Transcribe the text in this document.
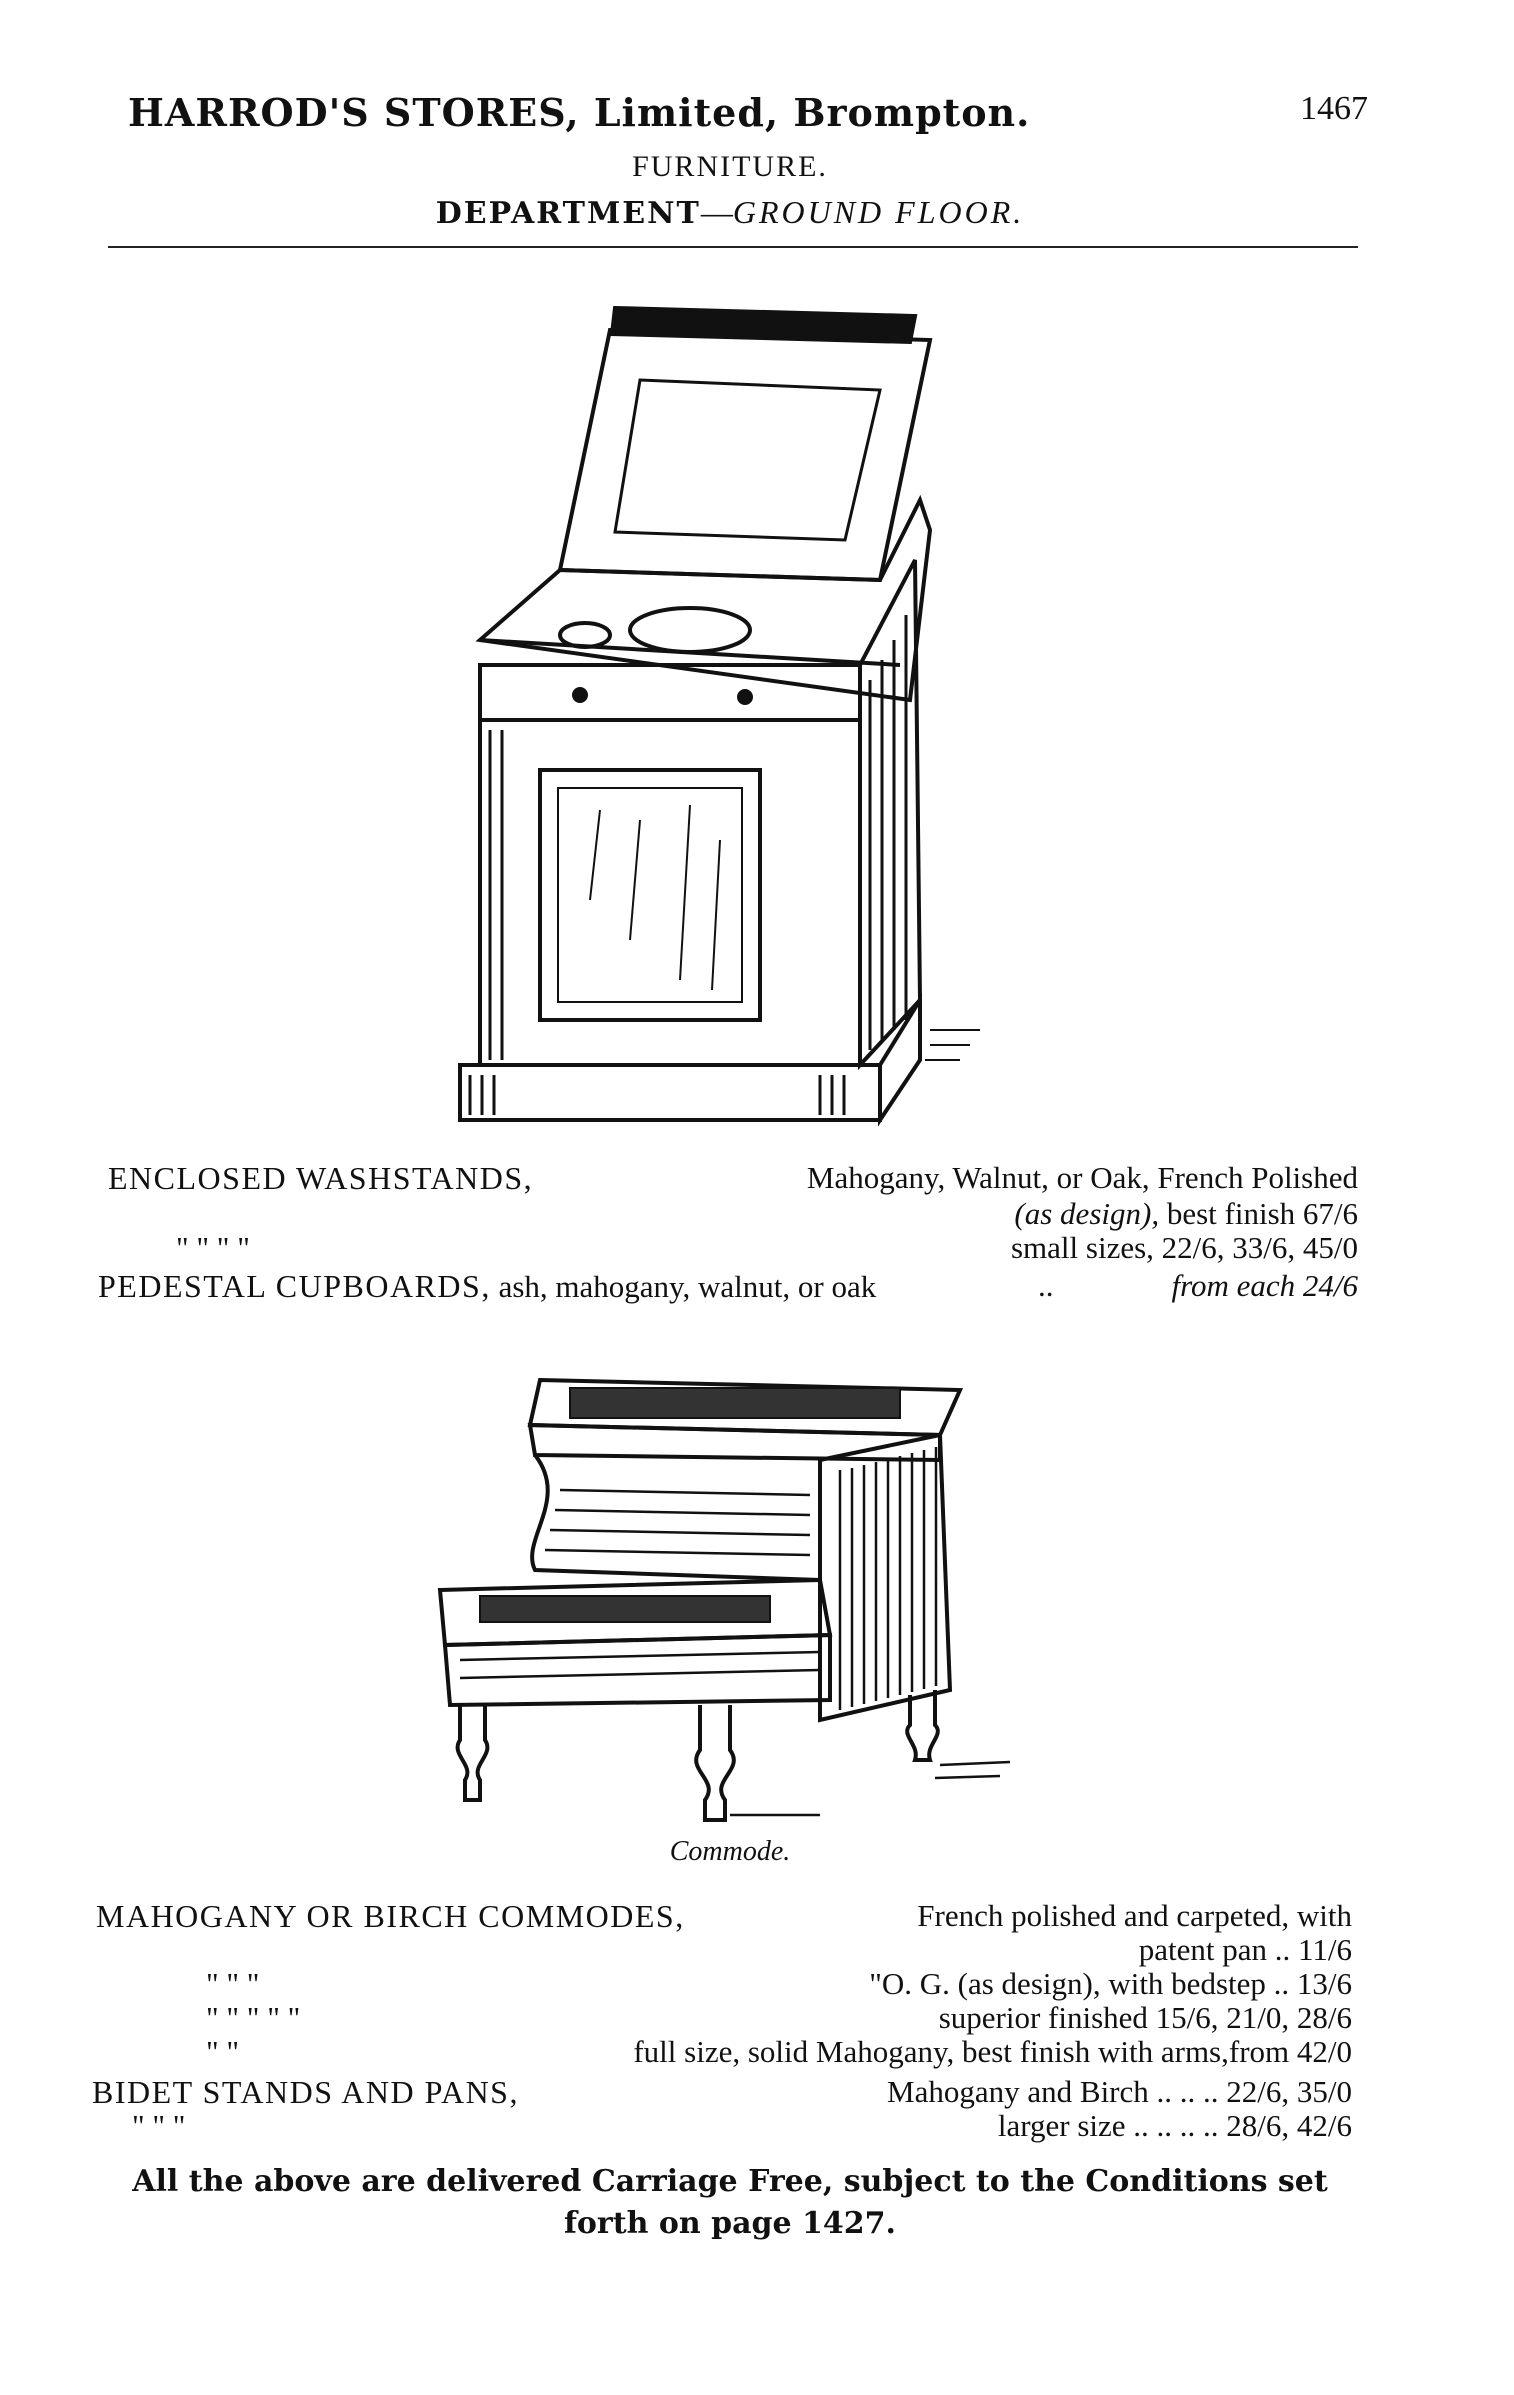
HARROD'S STORES, Limited, Brompton.	1467
FURNITURE.
DEPARTMENT—GROUND FLOOR.
ENCLOSED WASHSTANDS,	Mahogany, Walnut, or Oak, French Polished
(as design), best finish 67/6
" " " "	small sizes, 22/6, 33/6, 45/0
PEDESTAL CUPBOARDS, ash, mahogany, walnut, or oak	..	from each 24/6
Commode.
MAHOGANY OR BIRCH COMMODES,	French polished and carpeted, with
patent pan .. 11/6
" " "	"O. G. (as design), with bedstep .. 13/6
" " " " "	superior finished 15/6, 21/0, 28/6
" "	full size, solid Mahogany, best finish with arms,from 42/0
BIDET STANDS AND PANS,	Mahogany and Birch .. .. .. 22/6, 35/0
" " "	larger size .. .. .. .. 28/6, 42/6
All the above are delivered Carriage Free, subject to the Conditions set
forth on page 1427.
